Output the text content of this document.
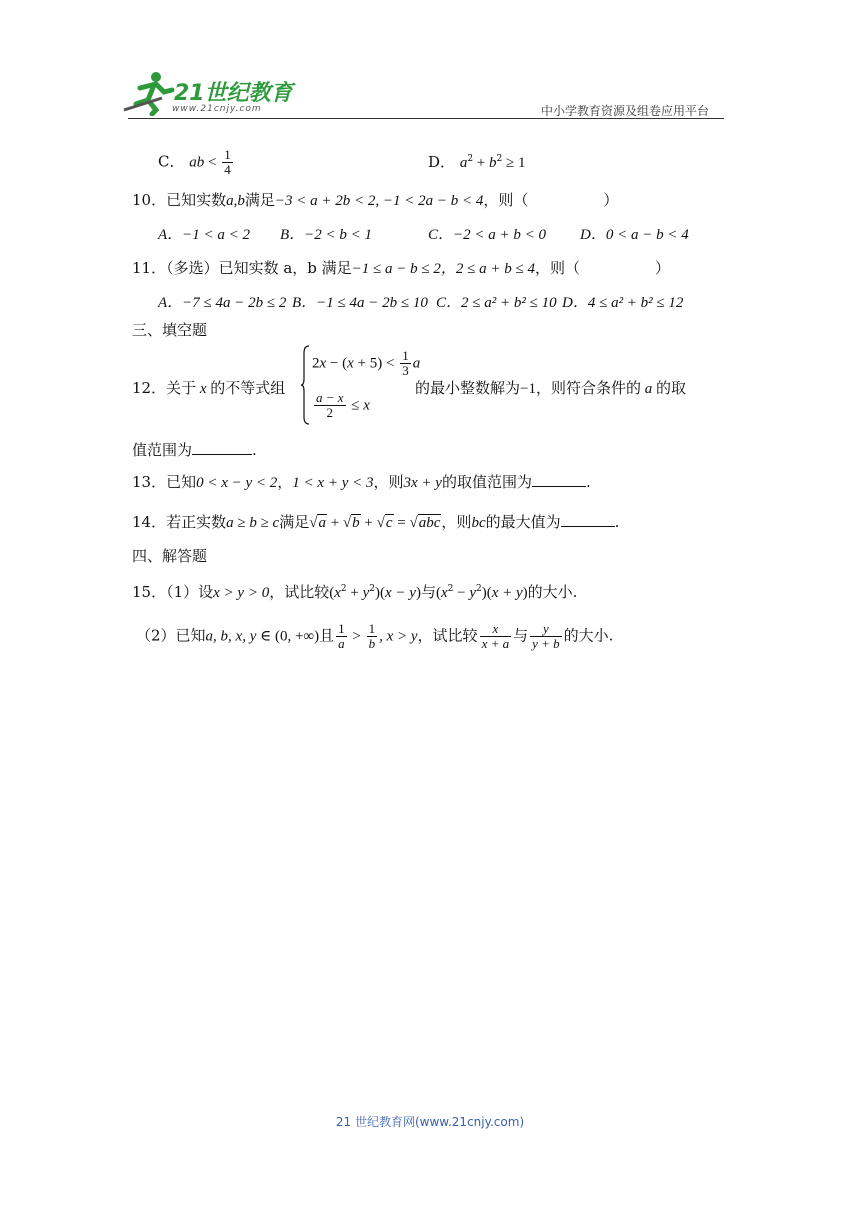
21世纪教育
www.21cnjy.com	中小学教育资源及组卷应用平台
C． ab < $\frac{1}{4}$	D． $a^2 + b^2 \ge 1$
10．已知实数a,b满足−3 < a + 2b < 2, −1 < 2a − b < 4，则（　　　　　）
A．−1 < a < 2 B．−2 < b < 1	C．−2 < a + b < 0 D．0 < a − b < 4
11．（多选）已知实数 a，b 满足−1 ≤ a − b ≤ 2，2 ≤ a + b ≤ 4，则（　　　　　）
A．−7 ≤ 4a − 2b ≤ 2 B．−1 ≤ 4a − 2b ≤ 10 C．2 ≤ a² + b² ≤ 10 D．4 ≤ a² + b² ≤ 12
三、填空题
12．关于 x 的不等式组
$2x - (x + 5) < \frac{1}{3}$ a
$\frac{a - x}{2} \le x$
的最小整数解为−1，则符合条件的 a 的取
值范围为	.
13．已知0 < x − y < 2，1 < x + y < 3，则3x + y的取值范围为	.
14．若正实数a ≥ b ≥ c满足√a + √b + √c = √abc，则bc的最大值为	.
四、解答题
15．（1）设x > y > 0，试比较$(x^2 + y^2)(x - y)$与$(x^2 - y^2)(x + y)$的大小.
（2）已知a, b, x, y ∈ (0, +∞)且 $\frac{1}{a} > \frac{1}{b}$ , x > y，试比较 $\frac{x}{x + a}$ 与 $\frac{y}{y + b}$ 的大小.
21 世纪教育网(www.21cnjy.com)
